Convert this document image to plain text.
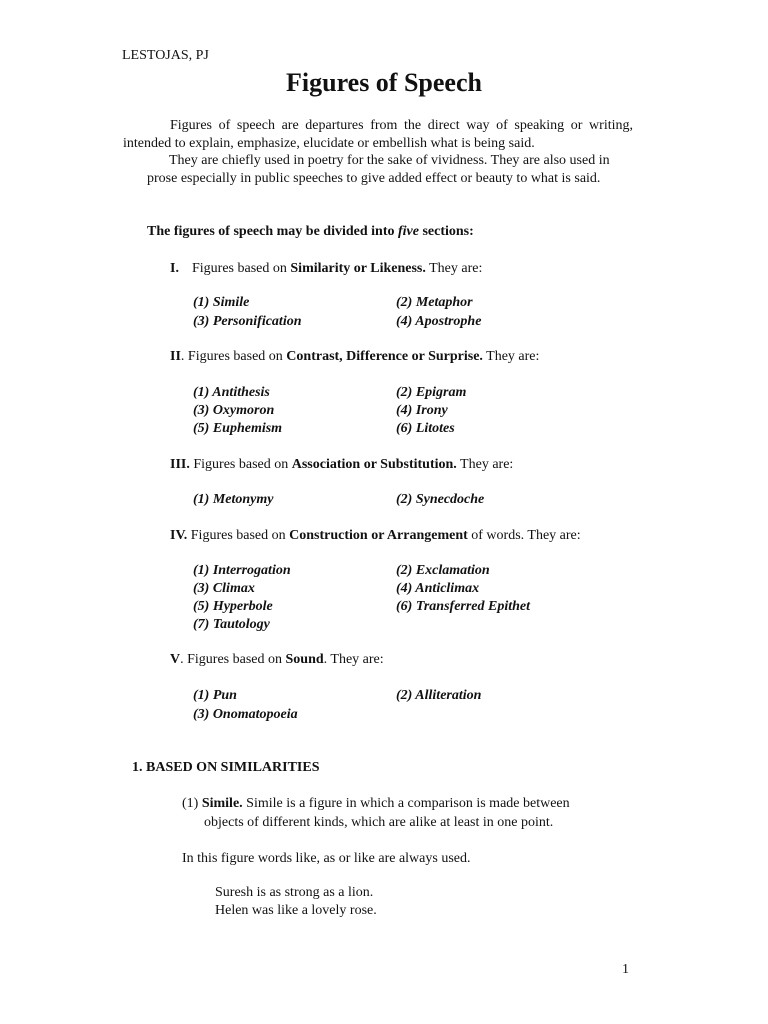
LESTOJAS, PJ
Figures of Speech
Figures of speech are departures from the direct way of speaking or writing, intended to explain, emphasize, elucidate or embellish what is being said.
They are chiefly used in poetry for the sake of vividness. They are also used in prose especially in public speeches to give added effect or beauty to what is said.
The figures of speech may be divided into five sections:
I. Figures based on Similarity or Likeness. They are:
(1) Simile	(2) Metaphor
(3) Personification	(4) Apostrophe
II. Figures based on Contrast, Difference or Surprise. They are:
(1) Antithesis	(2) Epigram
(3) Oxymoron	(4) Irony
(5) Euphemism	(6) Litotes
III. Figures based on Association or Substitution. They are:
(1) Metonymy	(2) Synecdoche
IV. Figures based on Construction or Arrangement of words. They are:
(1) Interrogation	(2) Exclamation
(3) Climax	(4) Anticlimax
(5) Hyperbole	(6) Transferred Epithet
(7) Tautology
V. Figures based on Sound. They are:
(1) Pun	(2) Alliteration
(3) Onomatopoeia
1. BASED ON SIMILARITIES
(1) Simile. Simile is a figure in which a comparison is made between
objects of different kinds, which are alike at least in one point.
In this figure words like, as or like are always used.
Suresh is as strong as a lion.
Helen was like a lovely rose.
1
